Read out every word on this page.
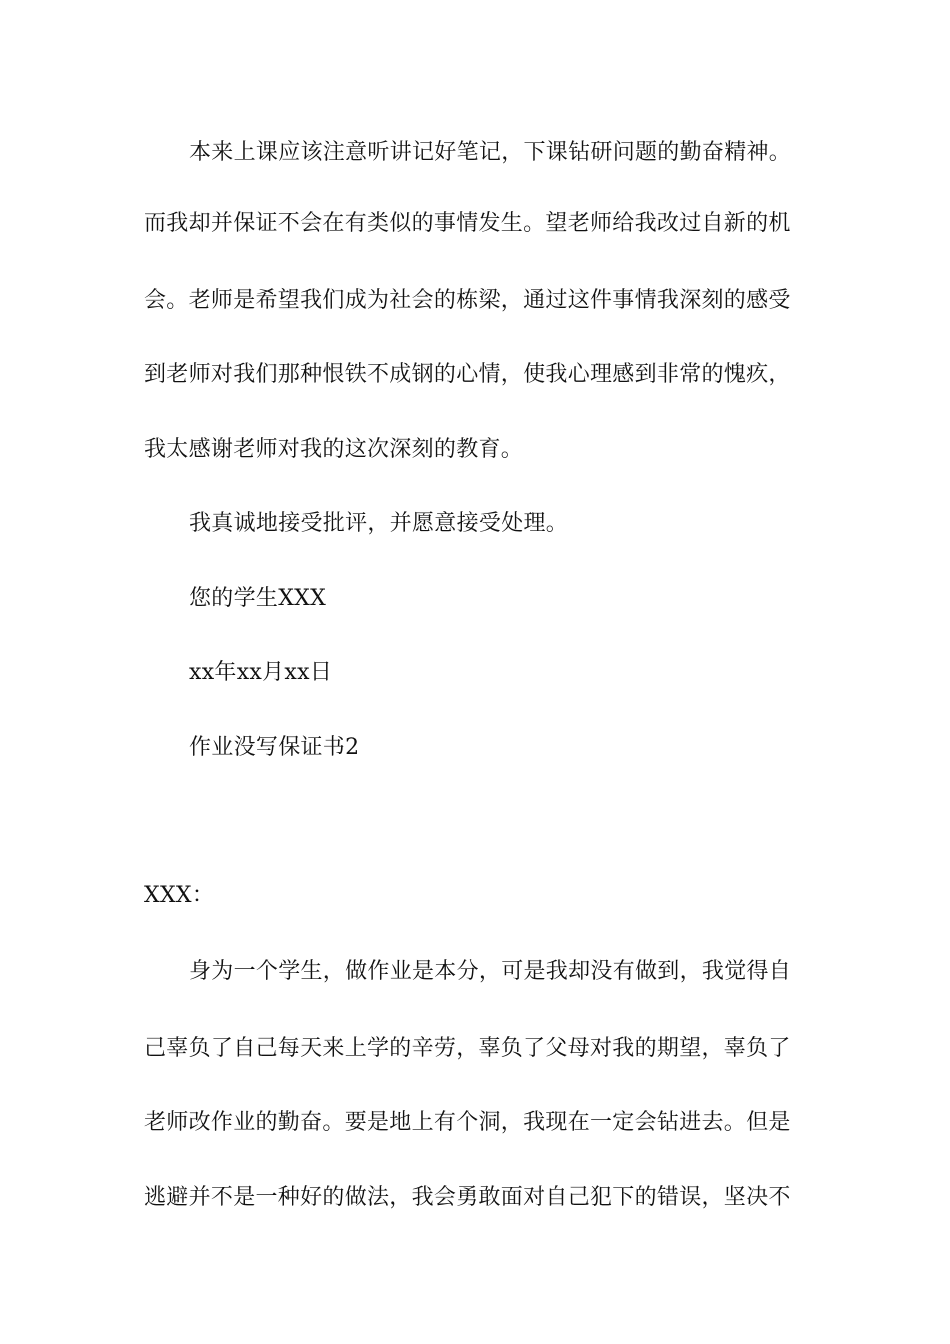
本来上课应该注意听讲记好笔记，下课钻研问题的勤奋精神。
而我却并保证不会在有类似的事情发生。望老师给我改过自新的机
会。老师是希望我们成为社会的栋梁，通过这件事情我深刻的感受
到老师对我们那种恨铁不成钢的心情，使我心理感到非常的愧疚，
我太感谢老师对我的这次深刻的教育。
我真诚地接受批评，并愿意接受处理。
您的学生XXX
xx年xx月xx日
作业没写保证书2
XXX：
身为一个学生，做作业是本分，可是我却没有做到，我觉得自
己辜负了自己每天来上学的辛劳，辜负了父母对我的期望，辜负了
老师改作业的勤奋。要是地上有个洞，我现在一定会钻进去。但是
逃避并不是一种好的做法，我会勇敢面对自己犯下的错误，坚决不
